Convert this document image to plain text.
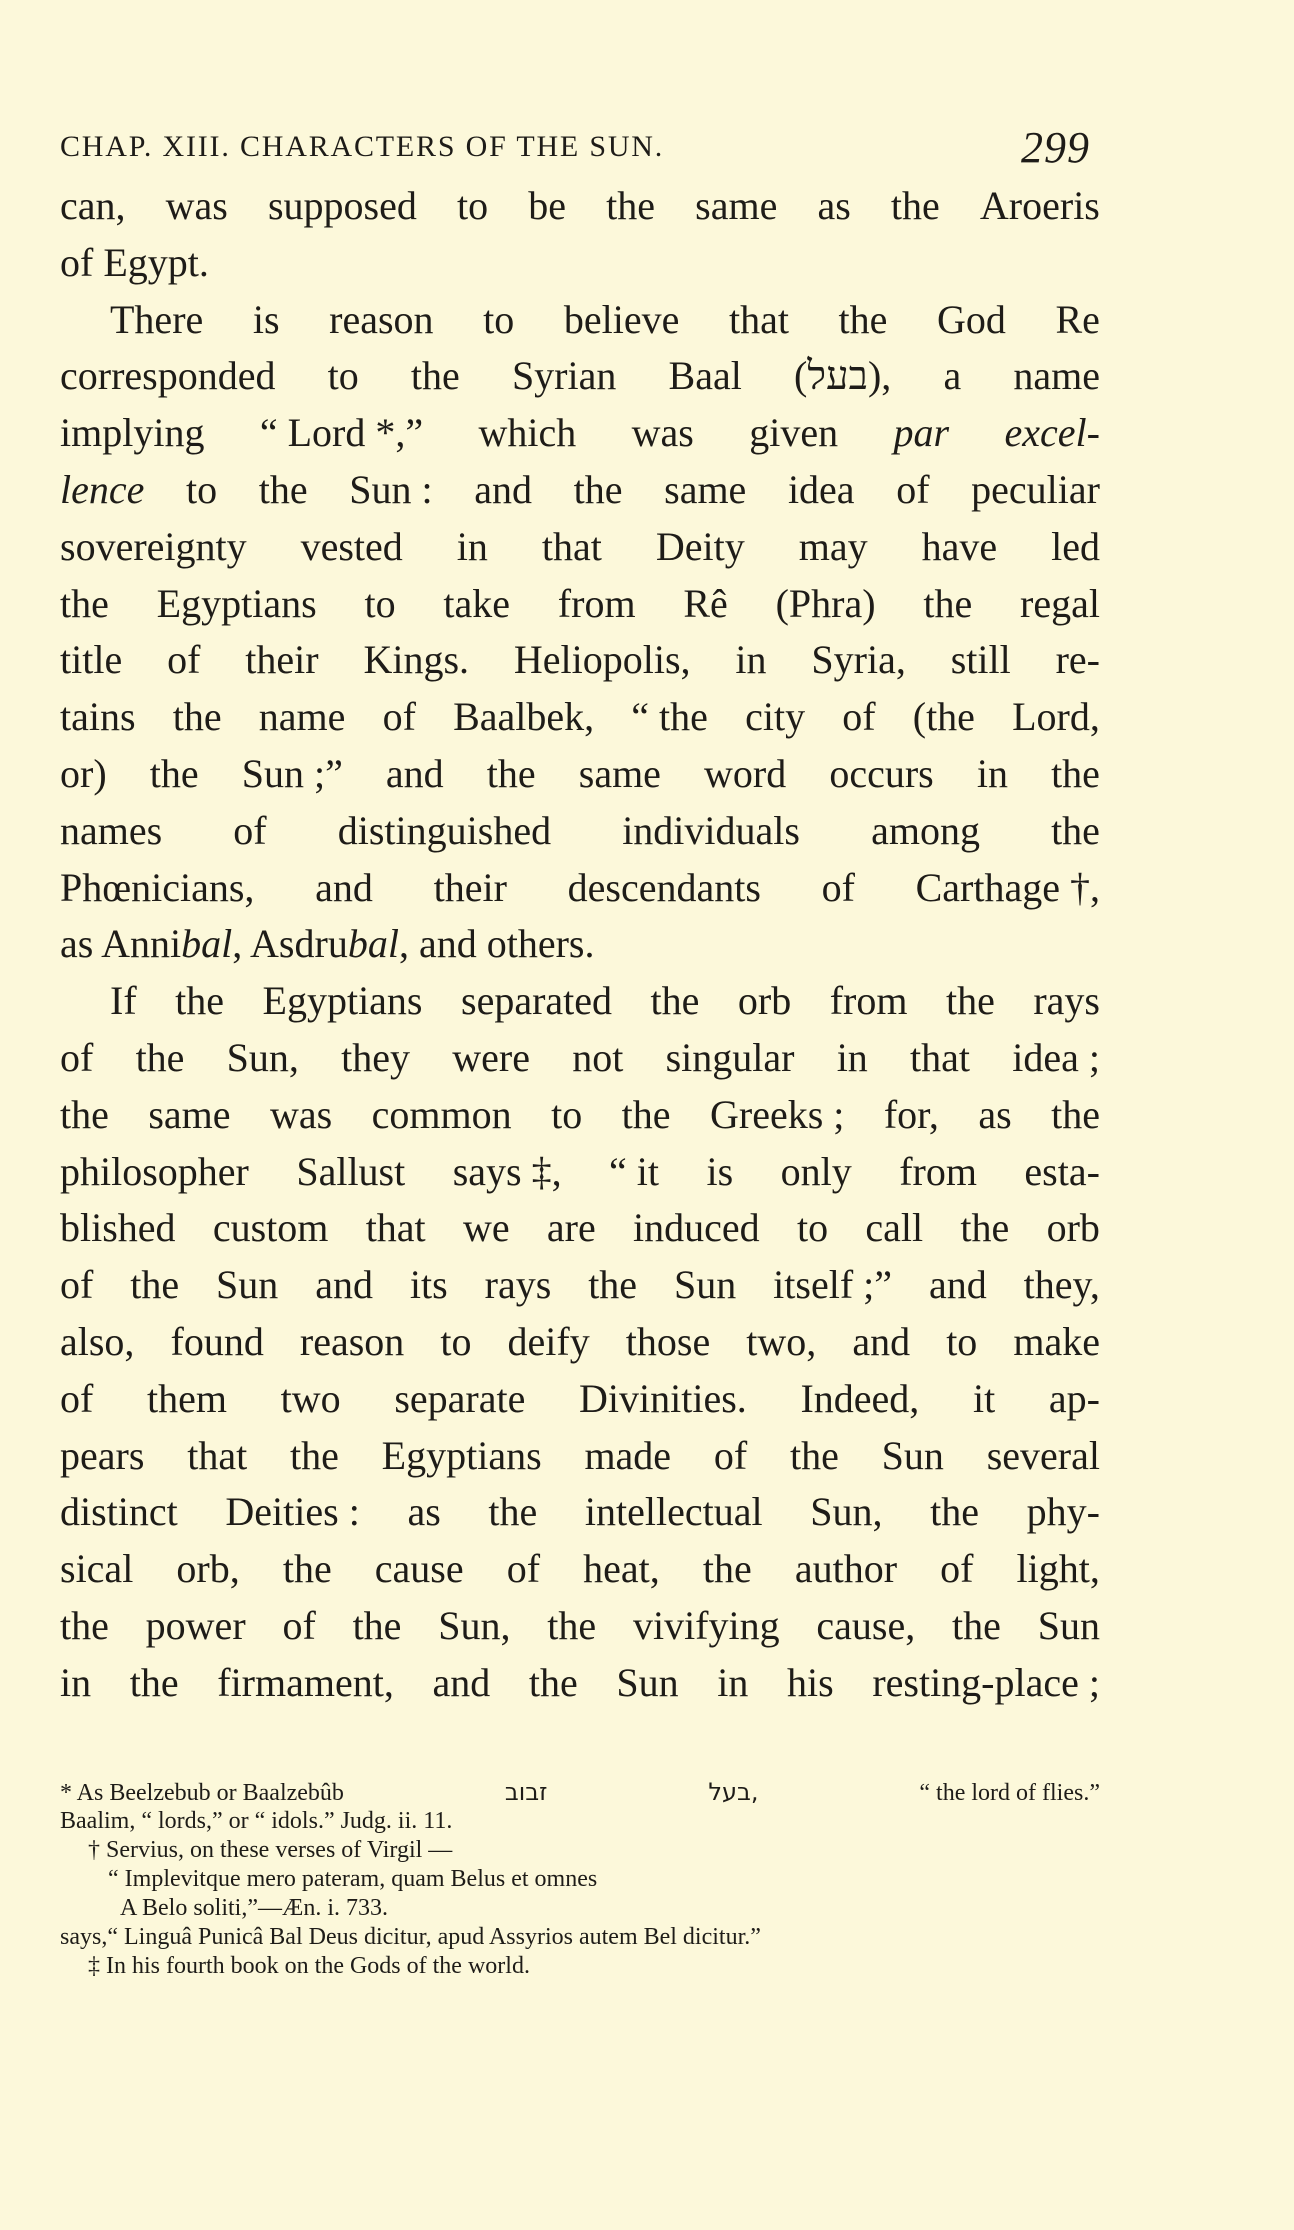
CHAP. XIII. CHARACTERS OF THE SUN.	299
can, was supposed to be the same as the Aroeris
of Egypt.
There is reason to believe that the God Re
corresponded to the Syrian Baal (בעל), a name
implying “ Lord *,” which was given par excel-
lence to the Sun : and the same idea of peculiar
sovereignty vested in that Deity may have led
the Egyptians to take from Rê (Phra) the regal
title of their Kings. Heliopolis, in Syria, still re-
tains the name of Baalbek, “ the city of (the Lord,
or) the Sun ;” and the same word occurs in the
names of distinguished individuals among the
Phœnicians, and their descendants of Carthage †,
as Anni bal , Asdru bal , and others.
If the Egyptians separated the orb from the rays
of the Sun, they were not singular in that idea ;
the same was common to the Greeks ; for, as the
philosopher Sallust says ‡, “ it is only from esta-
blished custom that we are induced to call the orb
of the Sun and its rays the Sun itself ;” and they,
also, found reason to deify those two, and to make
of them two separate Divinities. Indeed, it ap-
pears that the Egyptians made of the Sun several
distinct Deities : as the intellectual Sun, the phy-
sical orb, the cause of heat, the author of light,
the power of the Sun, the vivifying cause, the Sun
in the firmament, and the Sun in his resting-place ;
* As Beelzebub or Baalzebûb	זבוב	בעל,	“ the lord of flies.”
Baalim, “ lords,” or “ idols.” Judg. ii. 11.
† Servius, on these verses of Virgil —
“ Implevitque mero pateram, quam Belus et omnes
A Belo soliti,”—Æn. i. 733.
says,“ Linguâ Punicâ Bal Deus dicitur, apud Assyrios autem Bel dicitur.”
‡ In his fourth book on the Gods of the world.
